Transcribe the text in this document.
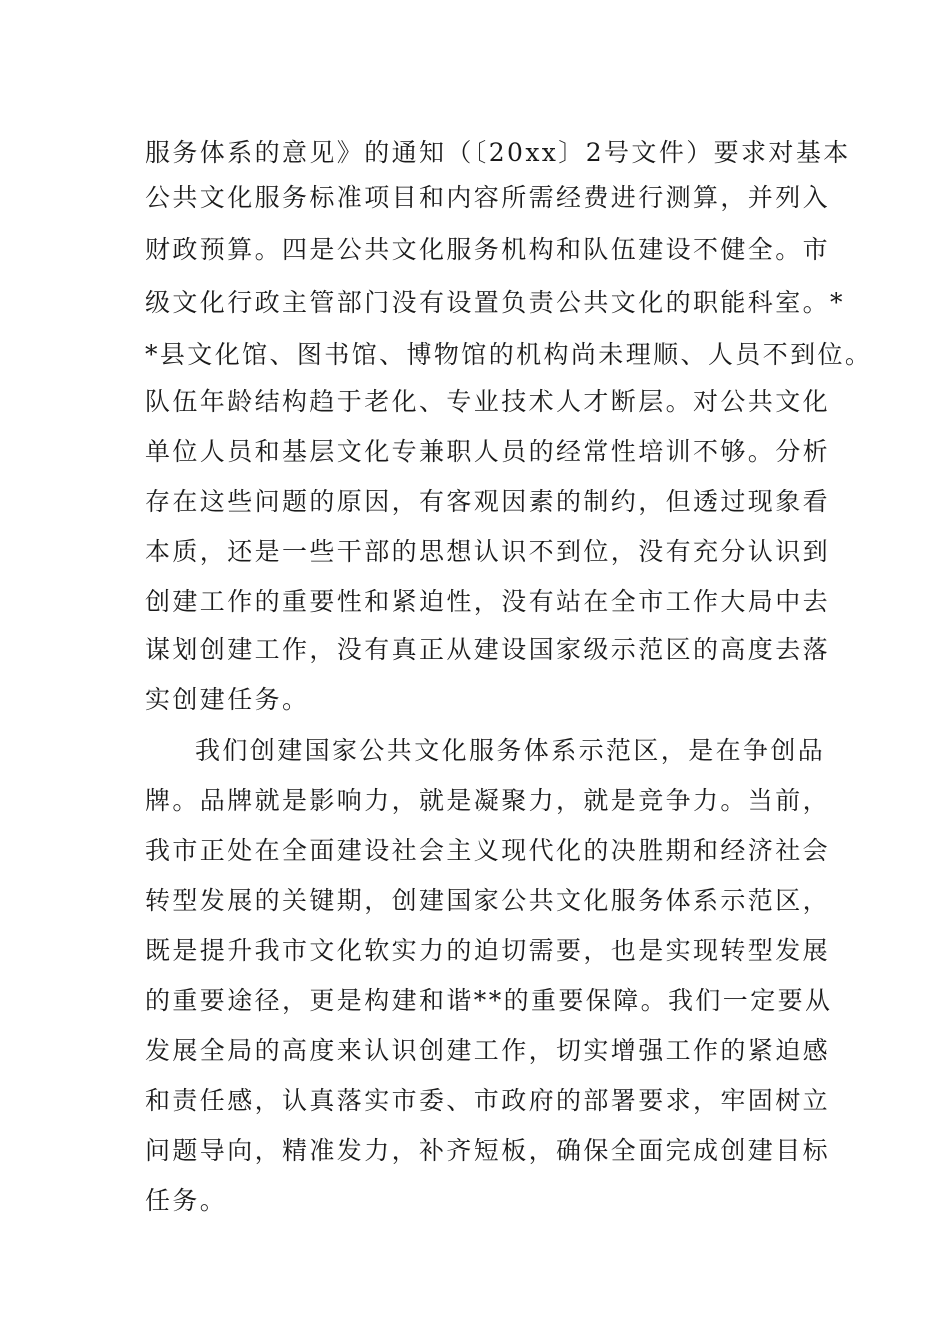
服务体系的意见》的通知（〔20xx〕2号文件）要求对基本
公共文化服务标准项目和内容所需经费进行测算，并列入
财政预算。四是公共文化服务机构和队伍建设不健全。市
级文化行政主管部门没有设置负责公共文化的职能科室。*
*县文化馆、图书馆、博物馆的机构尚未理顺、人员不到位。
队伍年龄结构趋于老化、专业技术人才断层。对公共文化
单位人员和基层文化专兼职人员的经常性培训不够。分析
存在这些问题的原因，有客观因素的制约，但透过现象看
本质，还是一些干部的思想认识不到位，没有充分认识到
创建工作的重要性和紧迫性，没有站在全市工作大局中去
谋划创建工作，没有真正从建设国家级示范区的高度去落
实创建任务。
我们创建国家公共文化服务体系示范区，是在争创品
牌。品牌就是影响力，就是凝聚力，就是竞争力。当前，
我市正处在全面建设社会主义现代化的决胜期和经济社会
转型发展的关键期，创建国家公共文化服务体系示范区，
既是提升我市文化软实力的迫切需要，也是实现转型发展
的重要途径，更是构建和谐**的重要保障。我们一定要从
发展全局的高度来认识创建工作，切实增强工作的紧迫感
和责任感，认真落实市委、市政府的部署要求，牢固树立
问题导向，精准发力，补齐短板，确保全面完成创建目标
任务。
